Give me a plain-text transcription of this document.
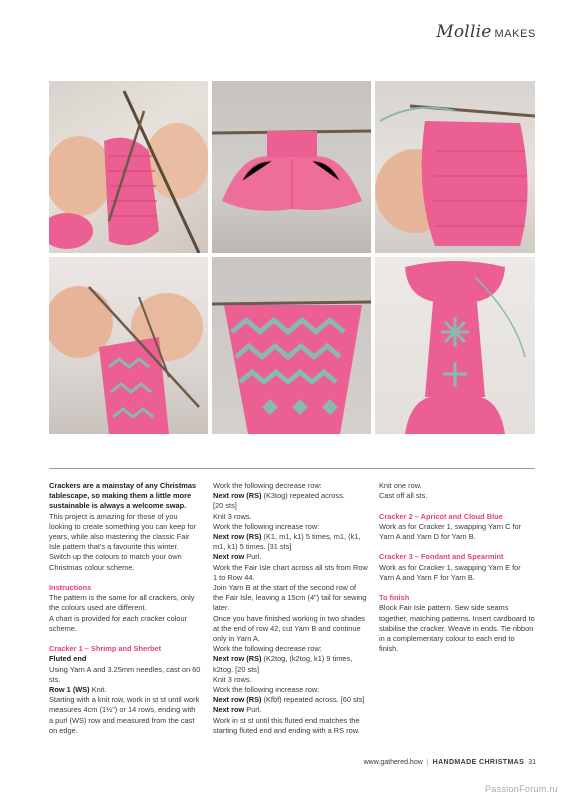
Mollie MAKES

Crackers are a mainstay of any Christmas tablescape, so making them a little more sustainable is always a welcome swap.

This project is amazing for those of you looking to create something you can keep for years, while also mastering the classic Fair Isle pattern that's a favourite this winter. Switch up the colours to match your own Christmas colour scheme.

Instructions

The pattern is the same for all crackers, only the colours used are different.

A chart is provided for each cracker colour scheme.

Cracker 1 – Shrimp and Sherbet

Fluted end

Using Yarn A and 3.25mm needles, cast on 60 sts.

Row 1 (WS) Knit.

Starting with a knit row, work in st st until work measures 4cm (1½") or 14 rows, ending with a purl (WS) row and measured from the cast on edge.

Work the following decrease row:

Next row (RS) (K3tog) repeated across.

[20 sts]

Knit 3 rows.

Work the following increase row:

Next row (RS) (K1, m1, k1) 5 times, m1, (k1, m1, k1) 5 times. [31 sts]

Next row Purl.

Work the Fair Isle chart across all sts from Row 1 to Row 44.

Join Yarn B at the start of the second row of the Fair Isle, leaving a 15cm (4") tail for sewing later.

Once you have finished working in two shades at the end of row 42, cut Yarn B and continue only in Yarn A.

Work the following decrease row:

Next row (RS) (K2tog, (k2tog, k1) 9 times, k2tog. [20 sts]

Knit 3 rows.

Work the following increase row:

Next row (RS) (Kfbf) repeated across. [60 sts]

Next row Purl.

Work in st st until this fluted end matches the starting fluted end and ending with a RS row.

Knit one row.

Cast off all sts.

Cracker 2 – Apricot and Cloud Blue

Work as for Cracker 1, swapping Yarn C for Yarn A and Yarn D for Yarn B.

Cracker 3 – Fondant and Spearmint

Work as for Cracker 1, swapping Yarn E for Yarn A and Yarn F for Yarn B.

To finish

Block Fair Isle pattern. Sew side seams together, matching patterns. Insert cardboard to stabilise the cracker. Weave in ends. Tie ribbon in a complementary colour to each end to finish.

www.gathered.how | HANDMADE CHRISTMAS 31
PassionForum.ru
